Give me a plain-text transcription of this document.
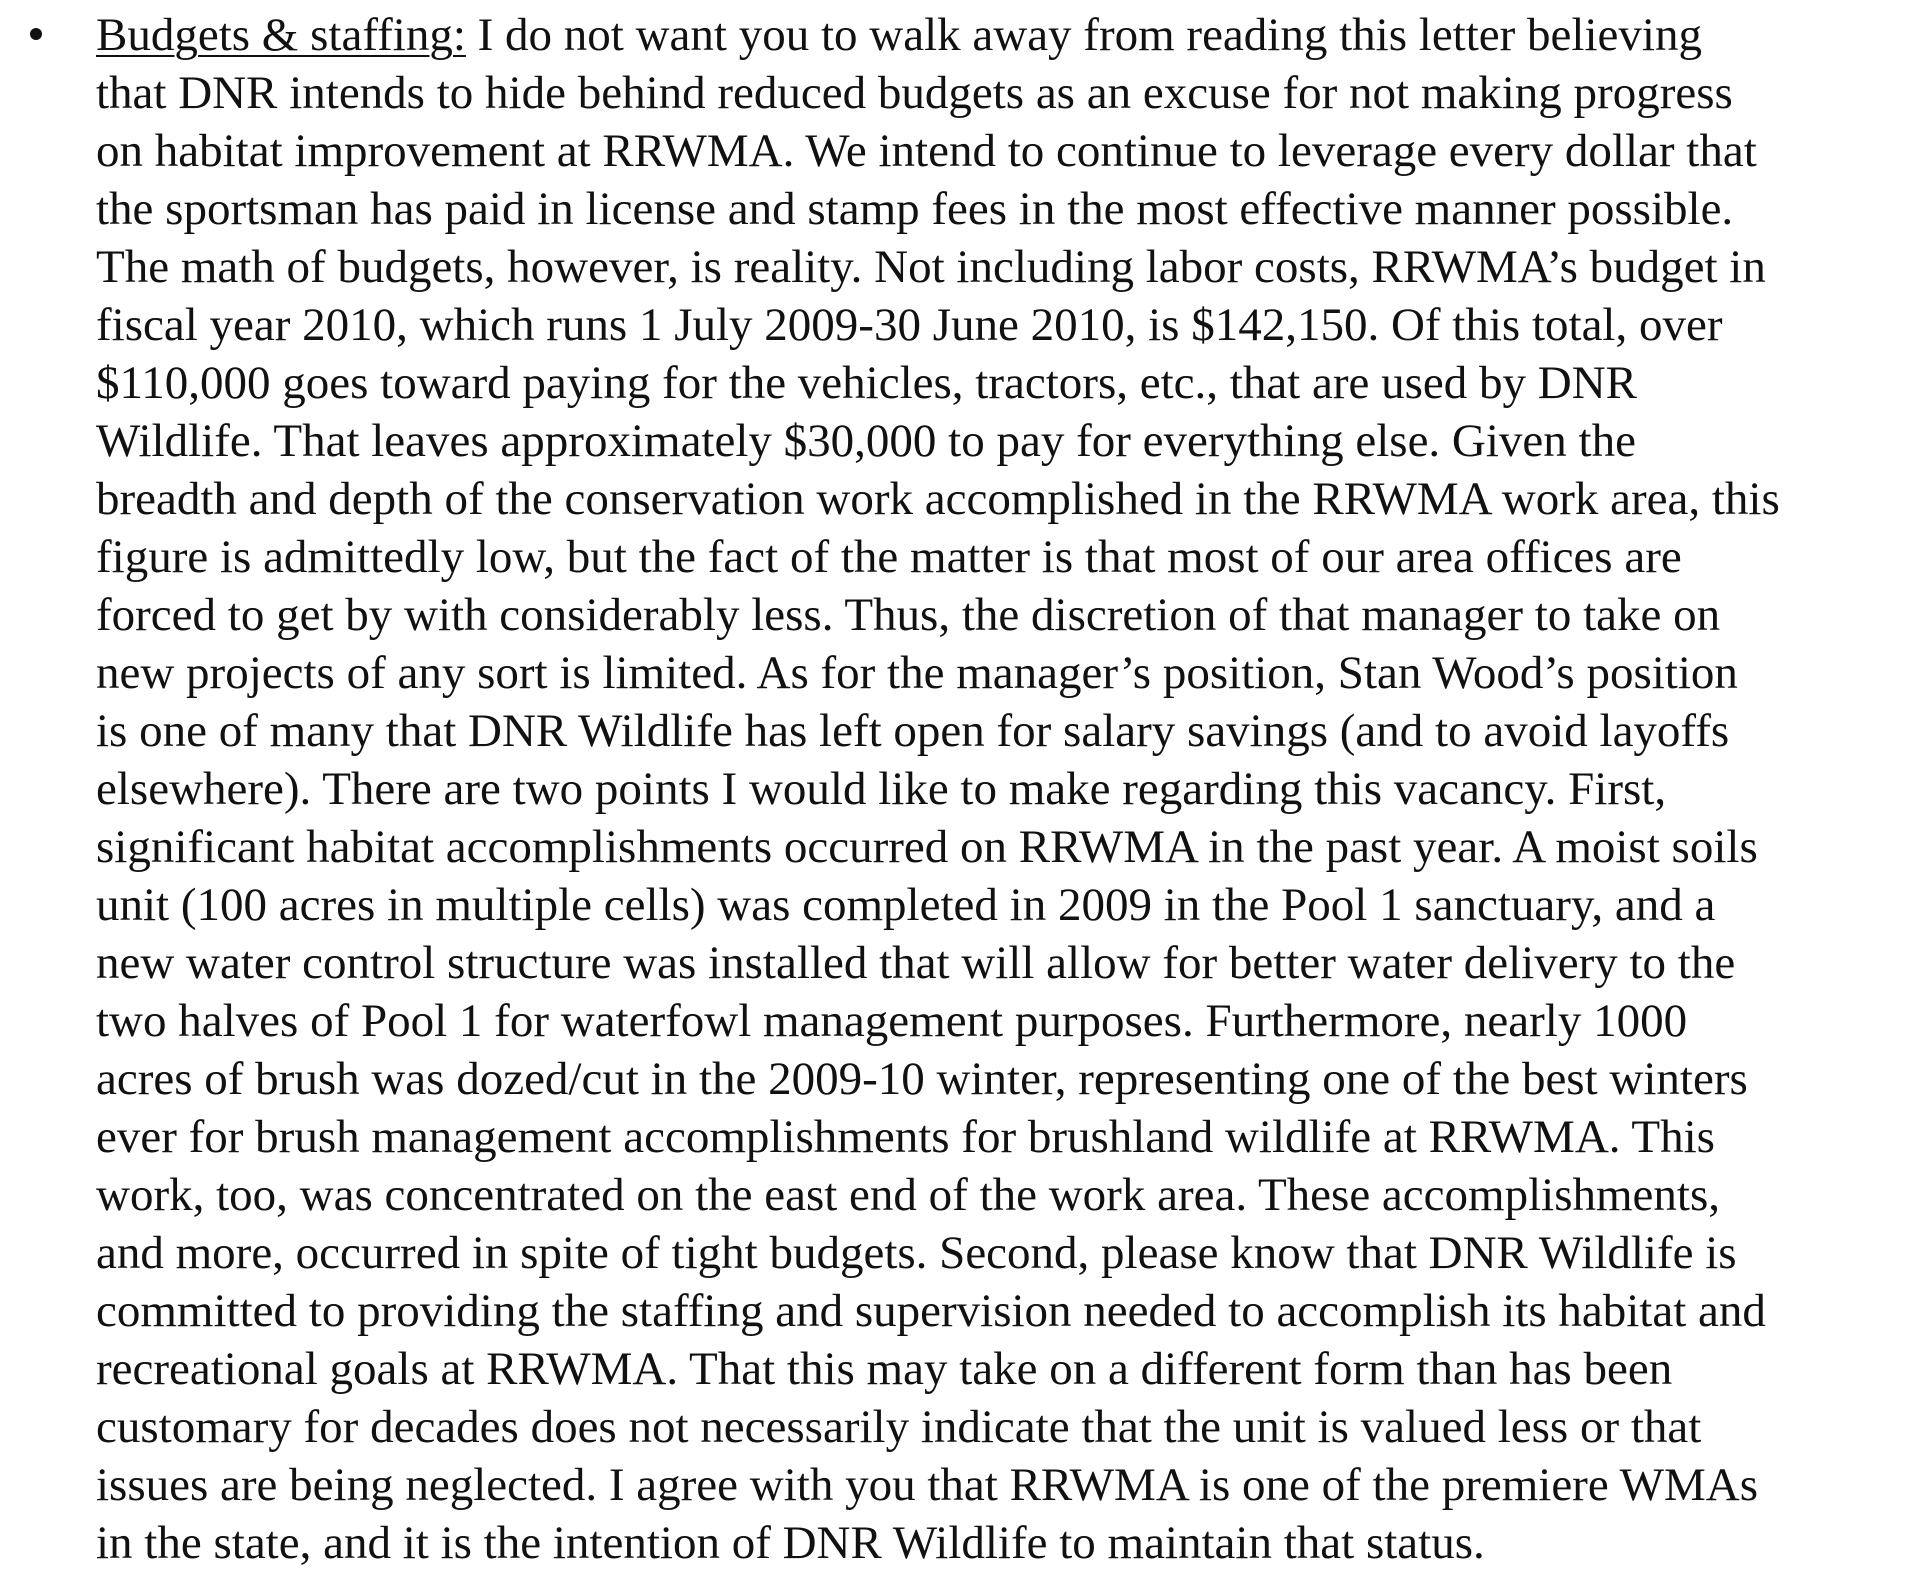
Budgets & staffing: I do not want you to walk away from reading this letter believing
that DNR intends to hide behind reduced budgets as an excuse for not making progress
on habitat improvement at RRWMA. We intend to continue to leverage every dollar that
the sportsman has paid in license and stamp fees in the most effective manner possible.
The math of budgets, however, is reality. Not including labor costs, RRWMA’s budget in
fiscal year 2010, which runs 1 July 2009-30 June 2010, is $142,150. Of this total, over
$110,000 goes toward paying for the vehicles, tractors, etc., that are used by DNR
Wildlife. That leaves approximately $30,000 to pay for everything else. Given the
breadth and depth of the conservation work accomplished in the RRWMA work area, this
figure is admittedly low, but the fact of the matter is that most of our area offices are
forced to get by with considerably less. Thus, the discretion of that manager to take on
new projects of any sort is limited. As for the manager’s position, Stan Wood’s position
is one of many that DNR Wildlife has left open for salary savings (and to avoid layoffs
elsewhere). There are two points I would like to make regarding this vacancy. First,
significant habitat accomplishments occurred on RRWMA in the past year. A moist soils
unit (100 acres in multiple cells) was completed in 2009 in the Pool 1 sanctuary, and a
new water control structure was installed that will allow for better water delivery to the
two halves of Pool 1 for waterfowl management purposes. Furthermore, nearly 1000
acres of brush was dozed/cut in the 2009-10 winter, representing one of the best winters
ever for brush management accomplishments for brushland wildlife at RRWMA. This
work, too, was concentrated on the east end of the work area. These accomplishments,
and more, occurred in spite of tight budgets. Second, please know that DNR Wildlife is
committed to providing the staffing and supervision needed to accomplish its habitat and
recreational goals at RRWMA. That this may take on a different form than has been
customary for decades does not necessarily indicate that the unit is valued less or that
issues are being neglected. I agree with you that RRWMA is one of the premiere WMAs
in the state, and it is the intention of DNR Wildlife to maintain that status.
